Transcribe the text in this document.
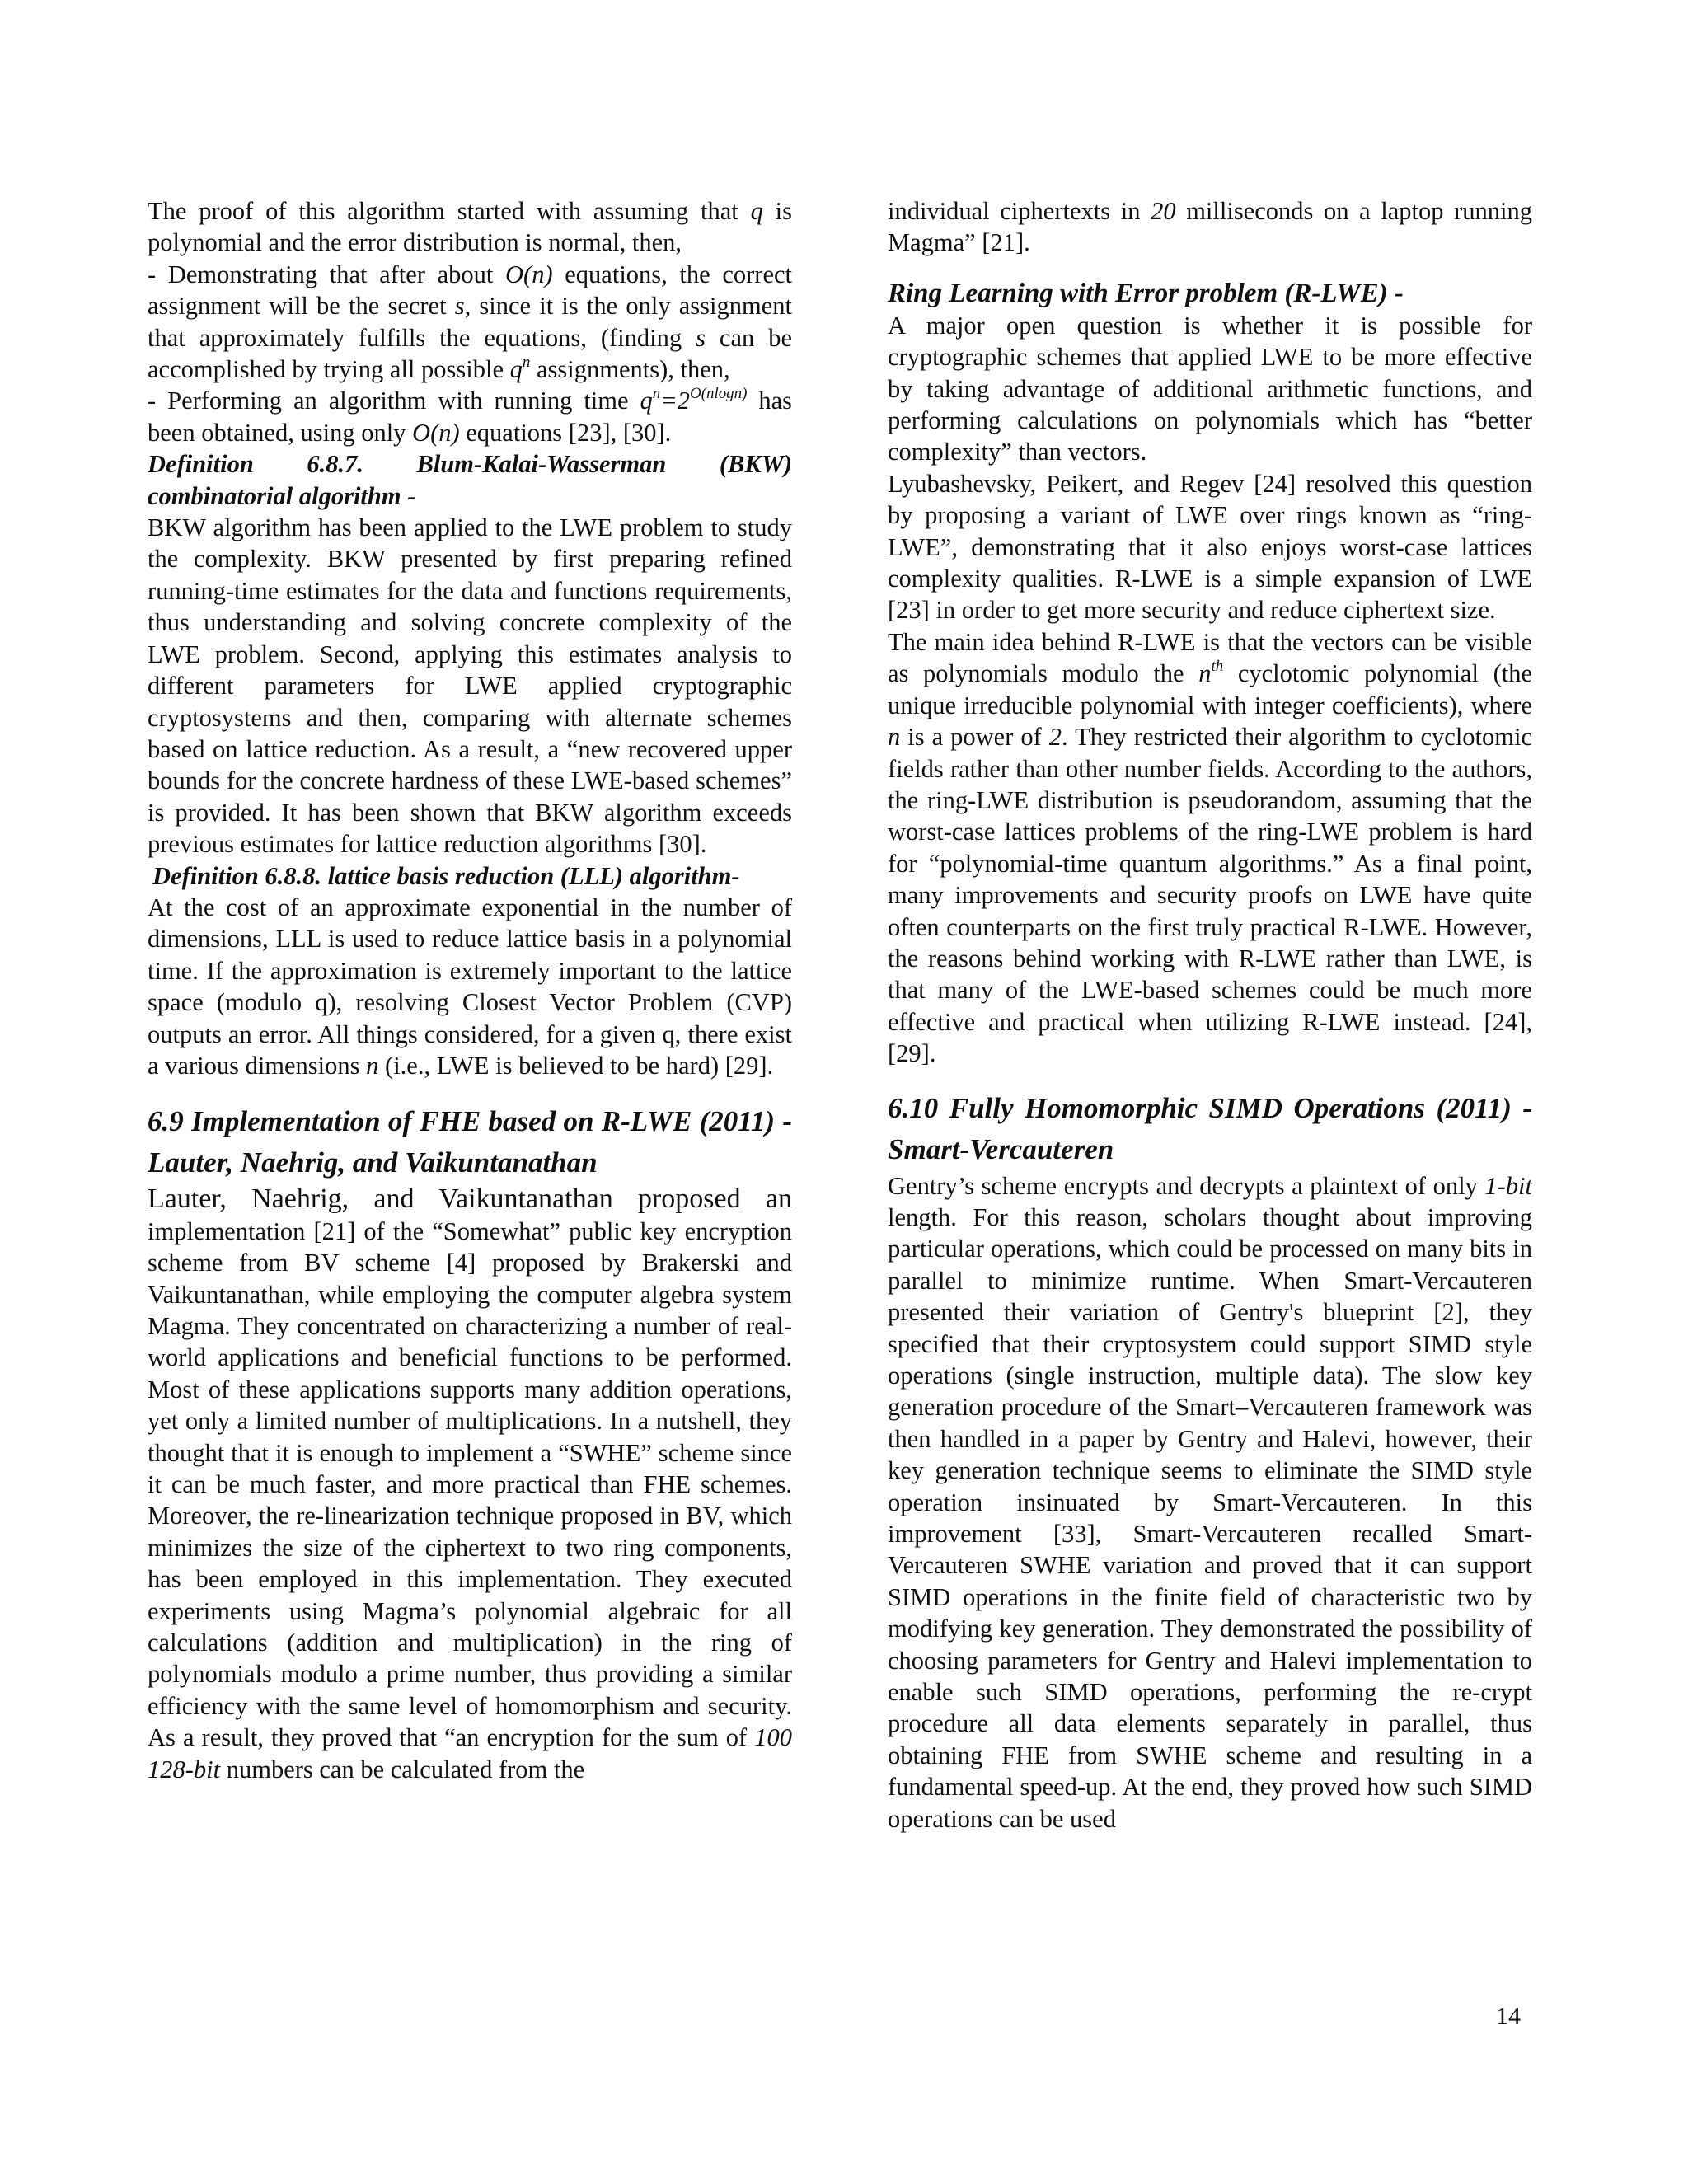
The proof of this algorithm started with assuming that q is polynomial and the error distribution is normal, then,

- Demonstrating that after about O(n) equations, the correct assignment will be the secret s, since it is the only assignment that approximately fulfills the equations, (finding s can be accomplished by trying all possible $q^n$ assignments), then,

- Performing an algorithm with running time $q^n=2^{O(nlogn)}$ has been obtained, using only O(n) equations [23], [30].

Definition 6.8.7. Blum-Kalai-Wasserman (BKW) combinatorial algorithm -

BKW algorithm has been applied to the LWE problem to study the complexity. BKW presented by first preparing refined running-time estimates for the data and functions requirements, thus understanding and solving concrete complexity of the LWE problem. Second, applying this estimates analysis to different parameters for LWE applied cryptographic cryptosystems and then, comparing with alternate schemes based on lattice reduction. As a result, a “new recovered upper bounds for the concrete hardness of these LWE-based schemes” is provided. It has been shown that BKW algorithm exceeds previous estimates for lattice reduction algorithms [30].

Definition 6.8.8. lattice basis reduction (LLL) algorithm-

At the cost of an approximate exponential in the number of dimensions, LLL is used to reduce lattice basis in a polynomial time. If the approximation is extremely important to the lattice space (modulo q), resolving Closest Vector Problem (CVP) outputs an error. All things considered, for a given q, there exist a various dimensions n (i.e., LWE is believed to be hard) [29].

6.9 Implementation of FHE based on R-LWE (2011) - Lauter, Naehrig, and Vaikuntanathan

Lauter, Naehrig, and Vaikuntanathan proposed an implementation [21] of the “Somewhat” public key encryption scheme from BV scheme [4] proposed by Brakerski and Vaikuntanathan, while employing the computer algebra system Magma. They concentrated on characterizing a number of real-world applications and beneficial functions to be performed. Most of these applications supports many addition operations, yet only a limited number of multiplications. In a nutshell, they thought that it is enough to implement a “SWHE” scheme since it can be much faster, and more practical than FHE schemes. Moreover, the re-linearization technique proposed in BV, which minimizes the size of the ciphertext to two ring components, has been employed in this implementation. They executed experiments using Magma’s polynomial algebraic for all calculations (addition and multiplication) in the ring of polynomials modulo a prime number, thus providing a similar efficiency with the same level of homomorphism and security. As a result, they proved that “an encryption for the sum of 100 128-bit numbers can be calculated from the

individual ciphertexts in 20 milliseconds on a laptop running Magma” [21].

Ring Learning with Error problem (R-LWE) -

A major open question is whether it is possible for cryptographic schemes that applied LWE to be more effective by taking advantage of additional arithmetic functions, and performing calculations on polynomials which has “better complexity” than vectors.

Lyubashevsky, Peikert, and Regev [24] resolved this question by proposing a variant of LWE over rings known as “ring- LWE”, demonstrating that it also enjoys worst-case lattices complexity qualities. R-LWE is a simple expansion of LWE [23] in order to get more security and reduce ciphertext size.

The main idea behind R-LWE is that the vectors can be visible as polynomials modulo the $n^{th}$ cyclotomic polynomial (the unique irreducible polynomial with integer coefficients), where n is a power of 2. They restricted their algorithm to cyclotomic fields rather than other number fields. According to the authors, the ring-LWE distribution is pseudorandom, assuming that the worst-case lattices problems of the ring-LWE problem is hard for “polynomial-time quantum algorithms.” As a final point, many improvements and security proofs on LWE have quite often counterparts on the first truly practical R-LWE. However, the reasons behind working with R-LWE rather than LWE, is that many of the LWE-based schemes could be much more effective and practical when utilizing R-LWE instead. [24], [29].

6.10 Fully Homomorphic SIMD Operations (2011) - Smart-Vercauteren

Gentry’s scheme encrypts and decrypts a plaintext of only 1-bit length. For this reason, scholars thought about improving particular operations, which could be processed on many bits in parallel to minimize runtime. When Smart-Vercauteren presented their variation of Gentry's blueprint [2], they specified that their cryptosystem could support SIMD style operations (single instruction, multiple data). The slow key generation procedure of the Smart–Vercauteren framework was then handled in a paper by Gentry and Halevi, however, their key generation technique seems to eliminate the SIMD style operation insinuated by Smart-Vercauteren. In this improvement [33], Smart-Vercauteren recalled Smart-Vercauteren SWHE variation and proved that it can support SIMD operations in the finite field of characteristic two by modifying key generation. They demonstrated the possibility of choosing parameters for Gentry and Halevi implementation to enable such SIMD operations, performing the re-crypt procedure all data elements separately in parallel, thus obtaining FHE from SWHE scheme and resulting in a fundamental speed-up. At the end, they proved how such SIMD operations can be used

14
